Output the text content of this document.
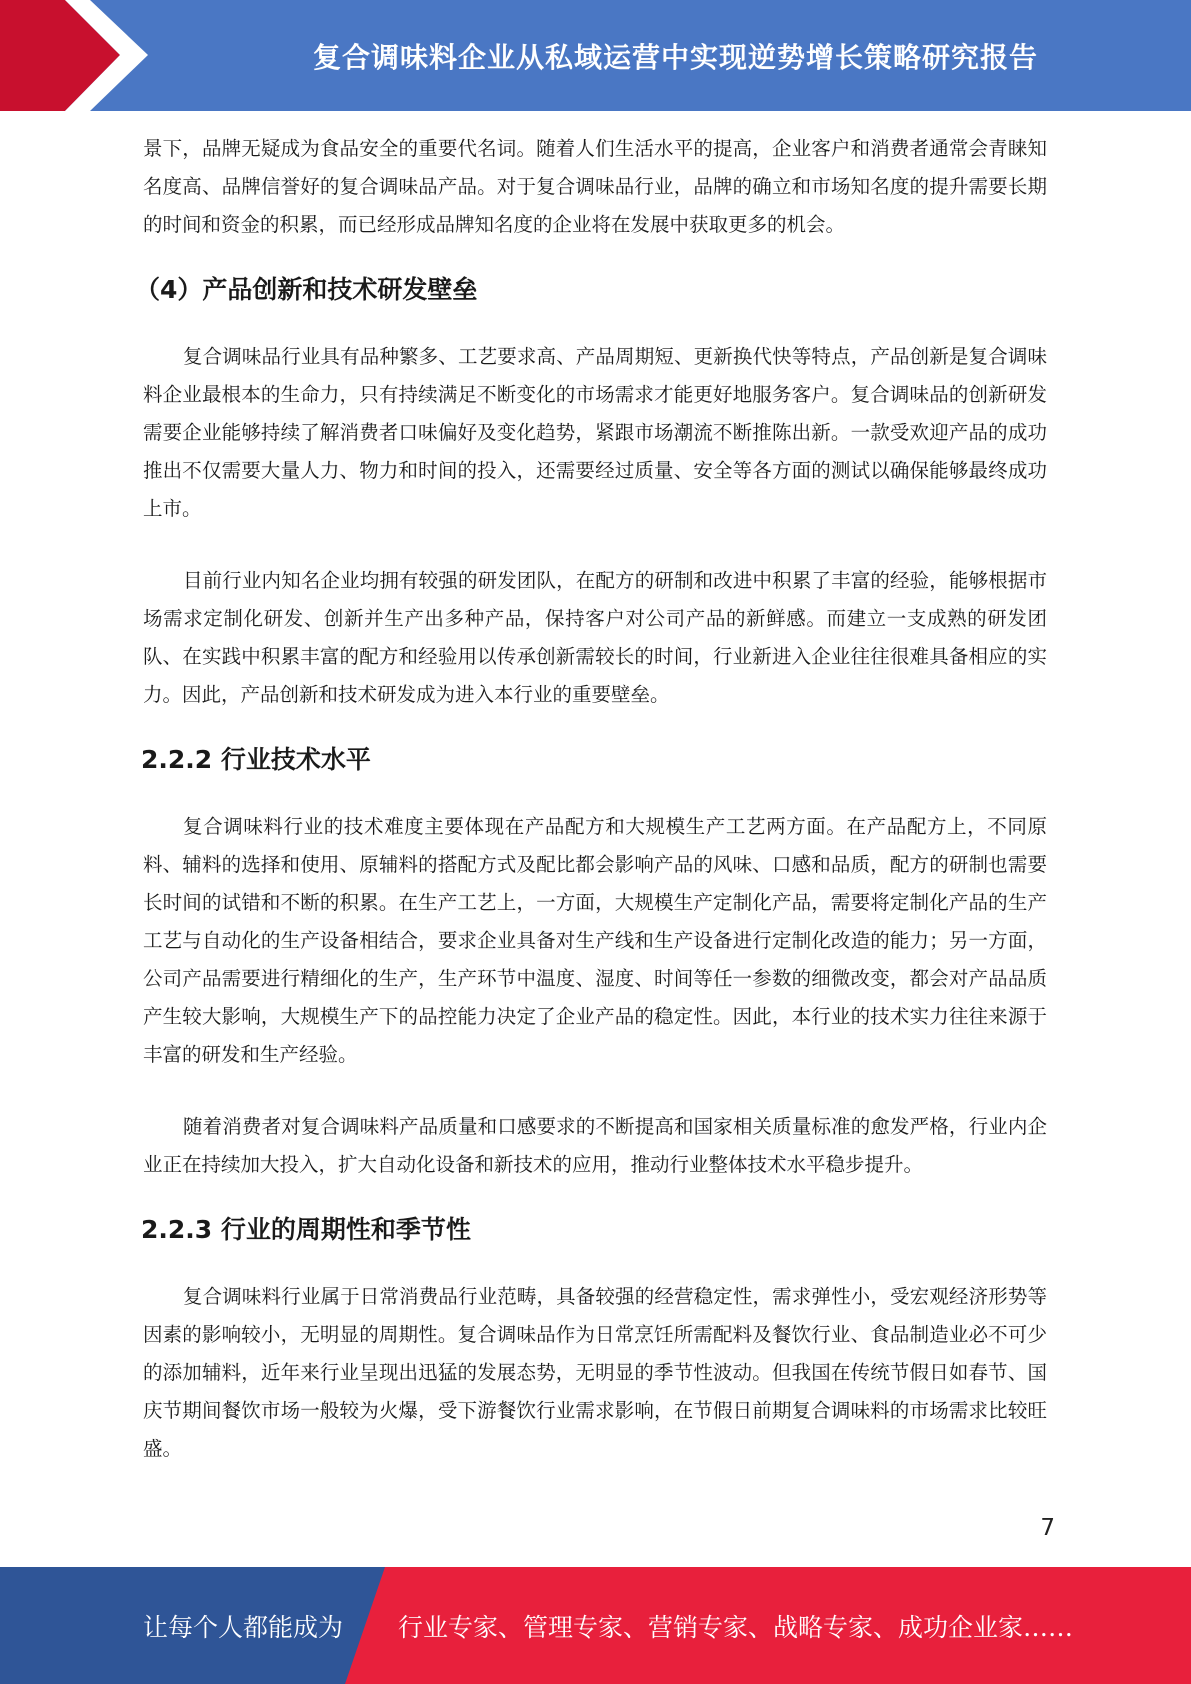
复合调味料企业从私域运营中实现逆势增长策略研究报告

景下，品牌无疑成为食品安全的重要代名词。随着人们生活水平的提高，企业客户和消费者通常会青睐知名度高、品牌信誉好的复合调味品产品。对于复合调味品行业，品牌的确立和市场知名度的提升需要长期的时间和资金的积累，而已经形成品牌知名度的企业将在发展中获取更多的机会。

（4）产品创新和技术研发壁垒

复合调味品行业具有品种繁多、工艺要求高、产品周期短、更新换代快等特点，产品创新是复合调味料企业最根本的生命力，只有持续满足不断变化的市场需求才能更好地服务客户。复合调味品的创新研发需要企业能够持续了解消费者口味偏好及变化趋势，紧跟市场潮流不断推陈出新。一款受欢迎产品的成功推出不仅需要大量人力、物力和时间的投入，还需要经过质量、安全等各方面的测试以确保能够最终成功上市。

目前行业内知名企业均拥有较强的研发团队，在配方的研制和改进中积累了丰富的经验，能够根据市场需求定制化研发、创新并生产出多种产品，保持客户对公司产品的新鲜感。而建立一支成熟的研发团队、在实践中积累丰富的配方和经验用以传承创新需较长的时间，行业新进入企业往往很难具备相应的实力。因此，产品创新和技术研发成为进入本行业的重要壁垒。

2.2.2 行业技术水平

复合调味料行业的技术难度主要体现在产品配方和大规模生产工艺两方面。在产品配方上，不同原料、辅料的选择和使用、原辅料的搭配方式及配比都会影响产品的风味、口感和品质，配方的研制也需要长时间的试错和不断的积累。在生产工艺上，一方面，大规模生产定制化产品，需要将定制化产品的生产工艺与自动化的生产设备相结合，要求企业具备对生产线和生产设备进行定制化改造的能力；另一方面，公司产品需要进行精细化的生产，生产环节中温度、湿度、时间等任一参数的细微改变，都会对产品品质产生较大影响，大规模生产下的品控能力决定了企业产品的稳定性。因此，本行业的技术实力往往来源于丰富的研发和生产经验。

随着消费者对复合调味料产品质量和口感要求的不断提高和国家相关质量标准的愈发严格，行业内企业正在持续加大投入，扩大自动化设备和新技术的应用，推动行业整体技术水平稳步提升。

2.2.3 行业的周期性和季节性

复合调味料行业属于日常消费品行业范畴，具备较强的经营稳定性，需求弹性小，受宏观经济形势等因素的影响较小，无明显的周期性。复合调味品作为日常烹饪所需配料及餐饮行业、食品制造业必不可少的添加辅料，近年来行业呈现出迅猛的发展态势，无明显的季节性波动。但我国在传统节假日如春节、国庆节期间餐饮市场一般较为火爆，受下游餐饮行业需求影响，在节假日前期复合调味料的市场需求比较旺盛。

7
让每个人都能成为 行业专家、管理专家、营销专家、战略专家、成功企业家……
